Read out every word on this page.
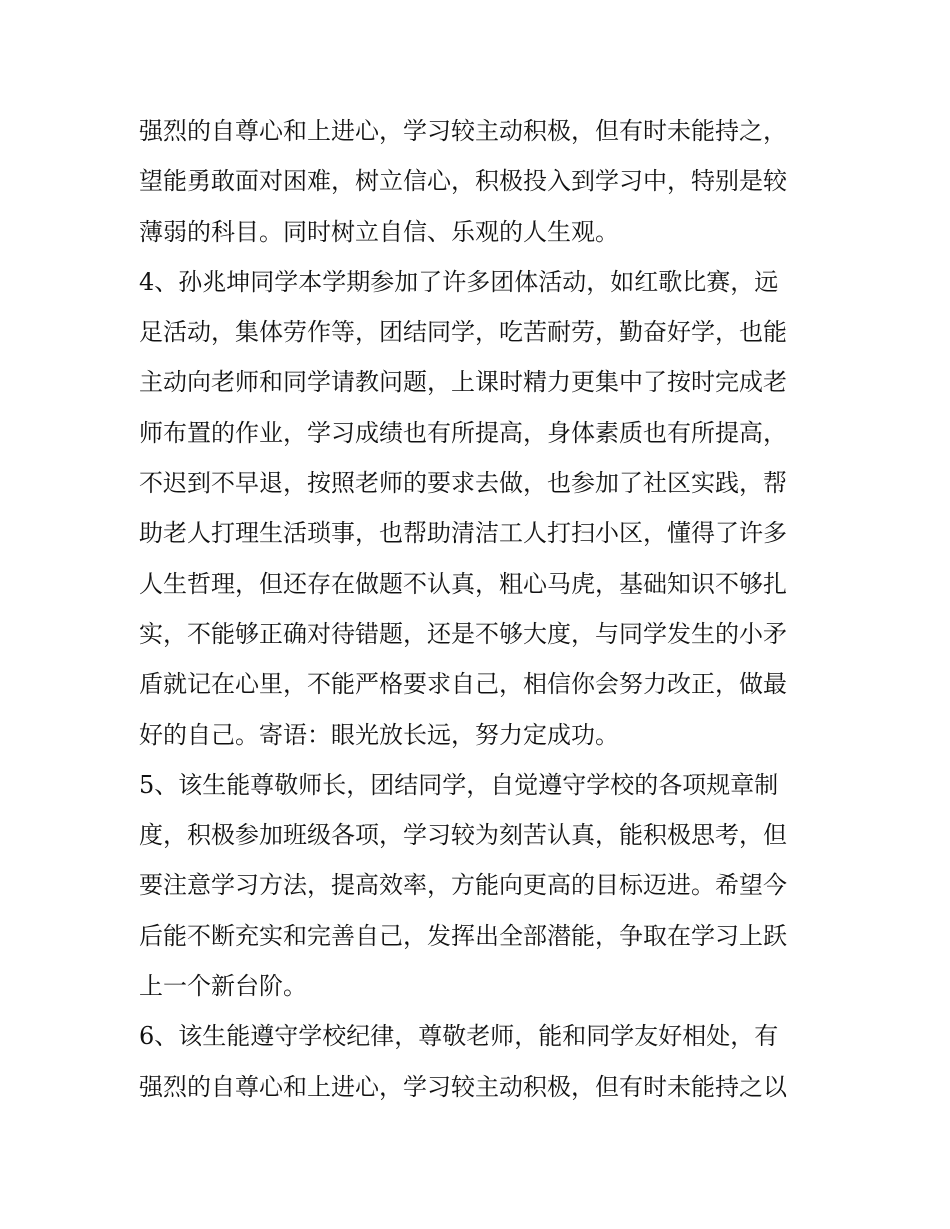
强烈的自尊心和上进心，学习较主动积极，但有时未能持之，
望能勇敢面对困难，树立信心，积极投入到学习中，特别是较
薄弱的科目。同时树立自信、乐观的人生观。
4、孙兆坤同学本学期参加了许多团体活动，如红歌比赛，远
足活动，集体劳作等，团结同学，吃苦耐劳，勤奋好学，也能
主动向老师和同学请教问题，上课时精力更集中了按时完成老
师布置的作业，学习成绩也有所提高，身体素质也有所提高，
不迟到不早退，按照老师的要求去做，也参加了社区实践，帮
助老人打理生活琐事，也帮助清洁工人打扫小区，懂得了许多
人生哲理，但还存在做题不认真，粗心马虎，基础知识不够扎
实，不能够正确对待错题，还是不够大度，与同学发生的小矛
盾就记在心里，不能严格要求自己，相信你会努力改正，做最
好的自己。寄语：眼光放长远，努力定成功。
5、该生能尊敬师长，团结同学，自觉遵守学校的各项规章制
度，积极参加班级各项，学习较为刻苦认真，能积极思考，但
要注意学习方法，提高效率，方能向更高的目标迈进。希望今
后能不断充实和完善自己，发挥出全部潜能，争取在学习上跃
上一个新台阶。
6、该生能遵守学校纪律，尊敬老师，能和同学友好相处，有
强烈的自尊心和上进心，学习较主动积极，但有时未能持之以
